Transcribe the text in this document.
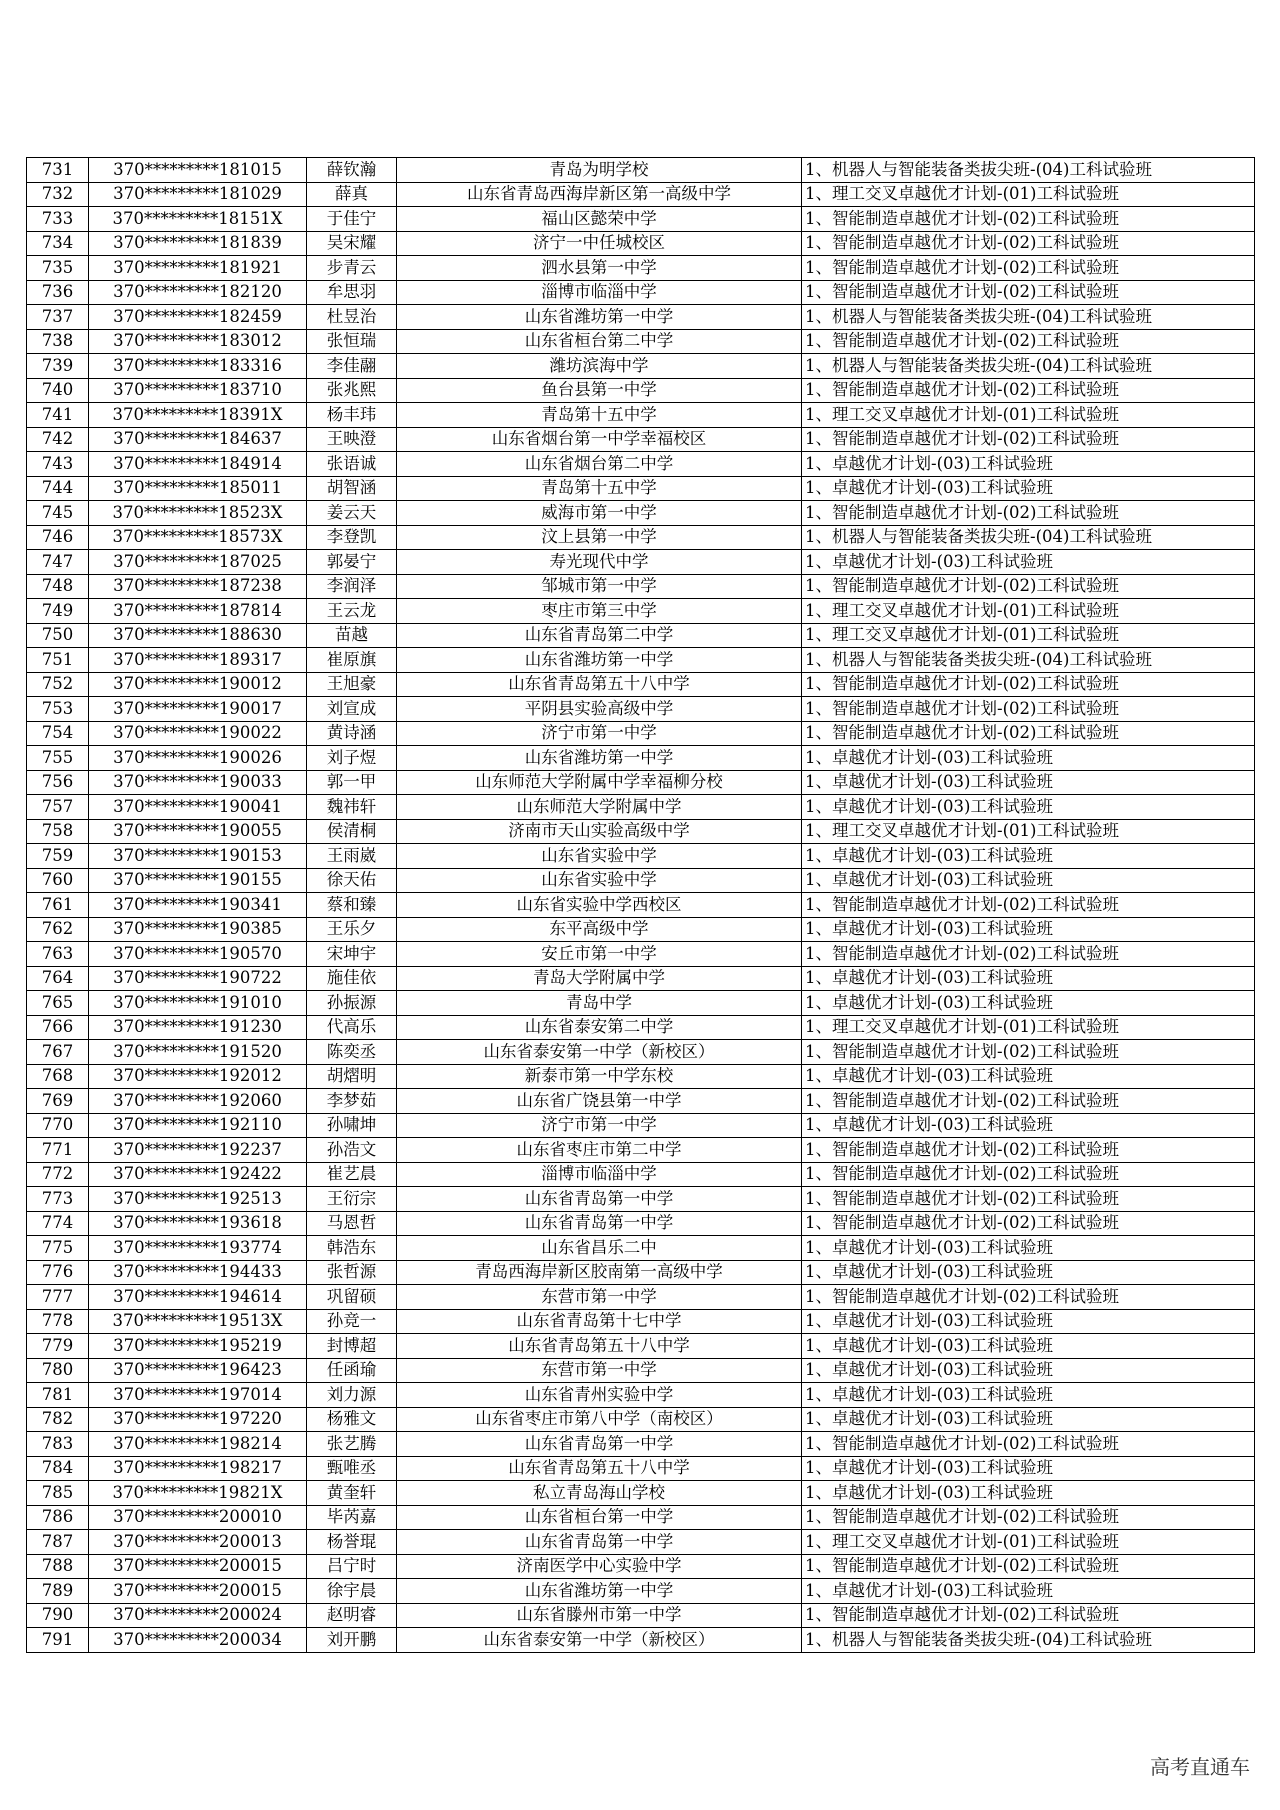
731	370*********181015	薛钦瀚	青岛为明学校	1、机器人与智能装备类拔尖班-(04)工科试验班
732	370*********181029	薛真	山东省青岛西海岸新区第一高级中学	1、理工交叉卓越优才计划-(01)工科试验班
733	370*********18151X	于佳宁	福山区懿荣中学	1、智能制造卓越优才计划-(02)工科试验班
734	370*********181839	吴宋耀	济宁一中任城校区	1、智能制造卓越优才计划-(02)工科试验班
735	370*********181921	步青云	泗水县第一中学	1、智能制造卓越优才计划-(02)工科试验班
736	370*********182120	牟思羽	淄博市临淄中学	1、智能制造卓越优才计划-(02)工科试验班
737	370*********182459	杜昱治	山东省潍坊第一中学	1、机器人与智能装备类拔尖班-(04)工科试验班
738	370*********183012	张恒瑞	山东省桓台第二中学	1、智能制造卓越优才计划-(02)工科试验班
739	370*********183316	李佳翮	潍坊滨海中学	1、机器人与智能装备类拔尖班-(04)工科试验班
740	370*********183710	张兆熙	鱼台县第一中学	1、智能制造卓越优才计划-(02)工科试验班
741	370*********18391X	杨丰玮	青岛第十五中学	1、理工交叉卓越优才计划-(01)工科试验班
742	370*********184637	王映澄	山东省烟台第一中学幸福校区	1、智能制造卓越优才计划-(02)工科试验班
743	370*********184914	张语诚	山东省烟台第二中学	1、卓越优才计划-(03)工科试验班
744	370*********185011	胡智涵	青岛第十五中学	1、卓越优才计划-(03)工科试验班
745	370*********18523X	姜云天	威海市第一中学	1、智能制造卓越优才计划-(02)工科试验班
746	370*********18573X	李登凯	汶上县第一中学	1、机器人与智能装备类拔尖班-(04)工科试验班
747	370*********187025	郭晏宁	寿光现代中学	1、卓越优才计划-(03)工科试验班
748	370*********187238	李润泽	邹城市第一中学	1、智能制造卓越优才计划-(02)工科试验班
749	370*********187814	王云龙	枣庄市第三中学	1、理工交叉卓越优才计划-(01)工科试验班
750	370*********188630	苗越	山东省青岛第二中学	1、理工交叉卓越优才计划-(01)工科试验班
751	370*********189317	崔原旗	山东省潍坊第一中学	1、机器人与智能装备类拔尖班-(04)工科试验班
752	370*********190012	王旭豪	山东省青岛第五十八中学	1、智能制造卓越优才计划-(02)工科试验班
753	370*********190017	刘宣成	平阴县实验高级中学	1、智能制造卓越优才计划-(02)工科试验班
754	370*********190022	黄诗涵	济宁市第一中学	1、智能制造卓越优才计划-(02)工科试验班
755	370*********190026	刘子煜	山东省潍坊第一中学	1、卓越优才计划-(03)工科试验班
756	370*********190033	郭一甲	山东师范大学附属中学幸福柳分校	1、卓越优才计划-(03)工科试验班
757	370*********190041	魏祎轩	山东师范大学附属中学	1、卓越优才计划-(03)工科试验班
758	370*********190055	侯清桐	济南市天山实验高级中学	1、理工交叉卓越优才计划-(01)工科试验班
759	370*********190153	王雨崴	山东省实验中学	1、卓越优才计划-(03)工科试验班
760	370*********190155	徐天佑	山东省实验中学	1、卓越优才计划-(03)工科试验班
761	370*********190341	蔡和臻	山东省实验中学西校区	1、智能制造卓越优才计划-(02)工科试验班
762	370*********190385	王乐夕	东平高级中学	1、卓越优才计划-(03)工科试验班
763	370*********190570	宋坤宇	安丘市第一中学	1、智能制造卓越优才计划-(02)工科试验班
764	370*********190722	施佳依	青岛大学附属中学	1、卓越优才计划-(03)工科试验班
765	370*********191010	孙振源	青岛中学	1、卓越优才计划-(03)工科试验班
766	370*********191230	代高乐	山东省泰安第二中学	1、理工交叉卓越优才计划-(01)工科试验班
767	370*********191520	陈奕丞	山东省泰安第一中学（新校区）	1、智能制造卓越优才计划-(02)工科试验班
768	370*********192012	胡熠明	新泰市第一中学东校	1、卓越优才计划-(03)工科试验班
769	370*********192060	李梦茹	山东省广饶县第一中学	1、智能制造卓越优才计划-(02)工科试验班
770	370*********192110	孙啸坤	济宁市第一中学	1、卓越优才计划-(03)工科试验班
771	370*********192237	孙浩文	山东省枣庄市第二中学	1、智能制造卓越优才计划-(02)工科试验班
772	370*********192422	崔艺晨	淄博市临淄中学	1、智能制造卓越优才计划-(02)工科试验班
773	370*********192513	王衍宗	山东省青岛第一中学	1、智能制造卓越优才计划-(02)工科试验班
774	370*********193618	马恩哲	山东省青岛第一中学	1、智能制造卓越优才计划-(02)工科试验班
775	370*********193774	韩浩东	山东省昌乐二中	1、卓越优才计划-(03)工科试验班
776	370*********194433	张哲源	青岛西海岸新区胶南第一高级中学	1、卓越优才计划-(03)工科试验班
777	370*********194614	巩留硕	东营市第一中学	1、智能制造卓越优才计划-(02)工科试验班
778	370*********19513X	孙竞一	山东省青岛第十七中学	1、卓越优才计划-(03)工科试验班
779	370*********195219	封博超	山东省青岛第五十八中学	1、卓越优才计划-(03)工科试验班
780	370*********196423	任函瑜	东营市第一中学	1、卓越优才计划-(03)工科试验班
781	370*********197014	刘力源	山东省青州实验中学	1、卓越优才计划-(03)工科试验班
782	370*********197220	杨雅文	山东省枣庄市第八中学（南校区）	1、卓越优才计划-(03)工科试验班
783	370*********198214	张艺腾	山东省青岛第一中学	1、智能制造卓越优才计划-(02)工科试验班
784	370*********198217	甄唯丞	山东省青岛第五十八中学	1、卓越优才计划-(03)工科试验班
785	370*********19821X	黄奎轩	私立青岛海山学校	1、卓越优才计划-(03)工科试验班
786	370*********200010	毕芮嘉	山东省桓台第一中学	1、智能制造卓越优才计划-(02)工科试验班
787	370*********200013	杨誉琨	山东省青岛第一中学	1、理工交叉卓越优才计划-(01)工科试验班
788	370*********200015	吕宁时	济南医学中心实验中学	1、智能制造卓越优才计划-(02)工科试验班
789	370*********200015	徐宇晨	山东省潍坊第一中学	1、卓越优才计划-(03)工科试验班
790	370*********200024	赵明睿	山东省滕州市第一中学	1、智能制造卓越优才计划-(02)工科试验班
791	370*********200034	刘开鹏	山东省泰安第一中学（新校区）	1、机器人与智能装备类拔尖班-(04)工科试验班
高考直通车
